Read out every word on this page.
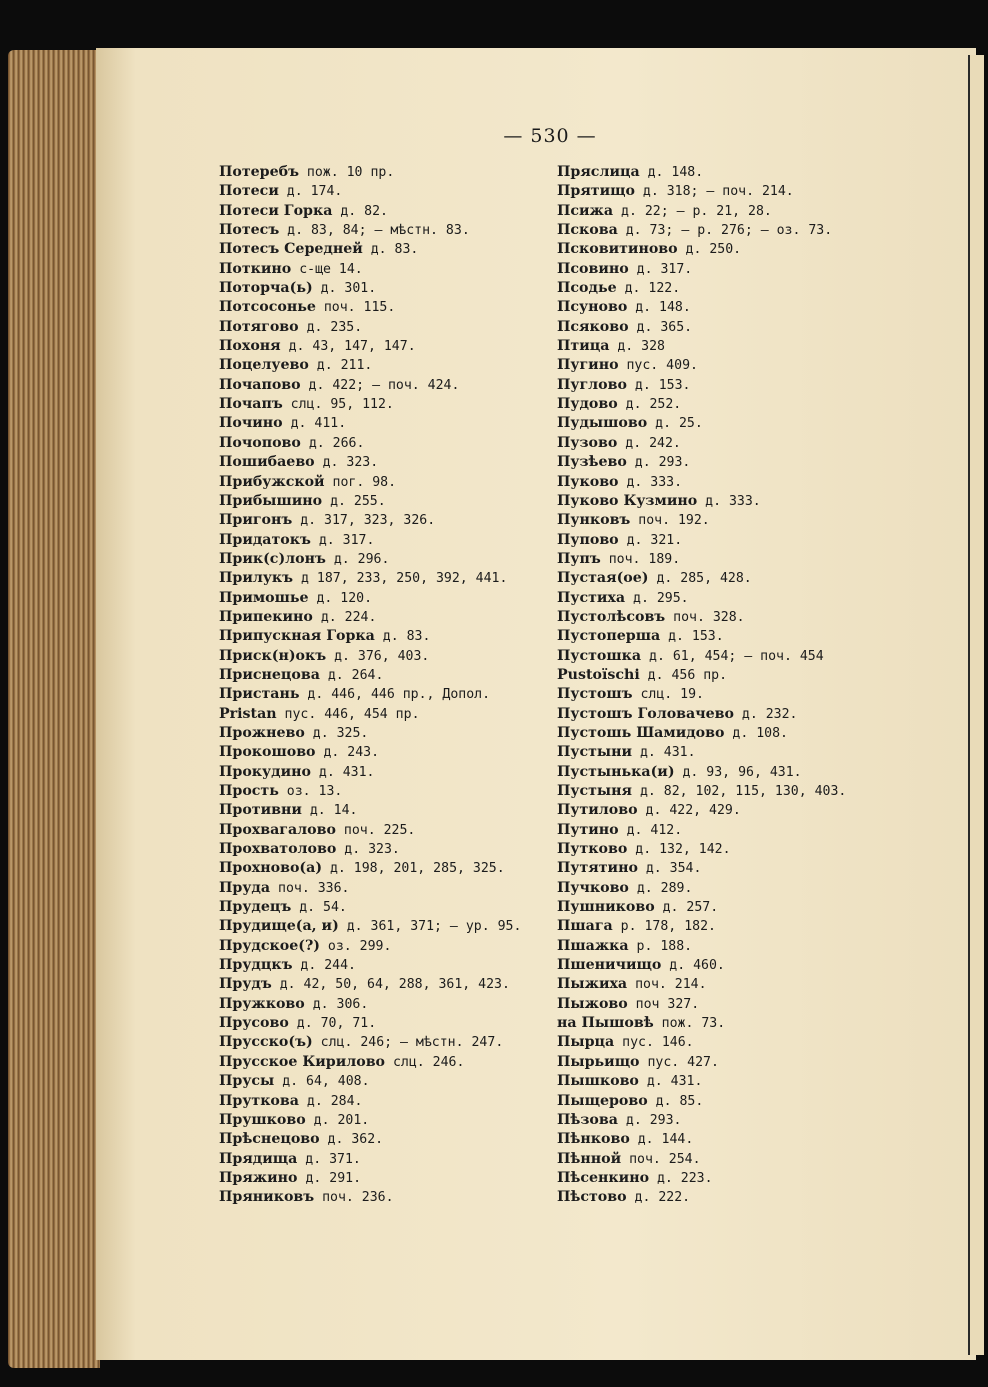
— 530 —
Потеребъ пож. 10 пр.
Потеси д. 174.
Потеси Горка д. 82.
Потесъ д. 83, 84; — мѣстн. 83.
Потесъ Середней д. 83.
Поткино с-ще 14.
Поторча(ь) д. 301.
Потсосонье поч. 115.
Потягово д. 235.
Похоня д. 43, 147, 147.
Поцелуево д. 211.
Почапово д. 422; — поч. 424.
Почапъ слц. 95, 112.
Почино д. 411.
Почопово д. 266.
Пошибаево д. 323.
Прибужской пог. 98.
Прибышино д. 255.
Пригонъ д. 317, 323, 326.
Придатокъ д. 317.
Прик(с)лонъ д. 296.
Прилукъ д 187, 233, 250, 392, 441.
Примошье д. 120.
Припекино д. 224.
Припускная Горка д. 83.
Приск(н)окъ д. 376, 403.
Приснецова д. 264.
Пристань д. 446, 446 пр., Допол.
Pristan пус. 446, 454 пр.
Прожнево д. 325.
Прокошово д. 243.
Прокудино д. 431.
Прость оз. 13.
Противни д. 14.
Прохвагалово поч. 225.
Прохватолово д. 323.
Прохново(а) д. 198, 201, 285, 325.
Пруда поч. 336.
Прудецъ д. 54.
Прудище(а, и) д. 361, 371; — ур. 95.
Прудское(?) оз. 299.
Прудцкъ д. 244.
Прудъ д. 42, 50, 64, 288, 361, 423.
Пружково д. 306.
Прусово д. 70, 71.
Прусско(ъ) слц. 246; — мѣстн. 247.
Прусское Кирилово слц. 246.
Прусы д. 64, 408.
Пруткова д. 284.
Прушково д. 201.
Прѣснецово д. 362.
Прядища д. 371.
Пряжино д. 291.
Пряниковъ поч. 236.
Пряслица д. 148.
Прятищо д. 318; — поч. 214.
Псижа д. 22; — р. 21, 28.
Пскова д. 73; — р. 276; — оз. 73.
Псковитиново д. 250.
Псовино д. 317.
Псодье д. 122.
Псуново д. 148.
Псяково д. 365.
Птица д. 328
Пугино пус. 409.
Пуглово д. 153.
Пудово д. 252.
Пудышово д. 25.
Пузово д. 242.
Пузѣево д. 293.
Пуково д. 333.
Пуково Кузмино д. 333.
Пунковъ поч. 192.
Пупово д. 321.
Пупъ поч. 189.
Пустая(ое) д. 285, 428.
Пустиха д. 295.
Пустолѣсовъ поч. 328.
Пустоперша д. 153.
Пустошка д. 61, 454; — поч. 454
Pustoïschi д. 456 пр.
Пустошъ слц. 19.
Пустошъ Головачево д. 232.
Пустошь Шамидово д. 108.
Пустыни д. 431.
Пустынька(и) д. 93, 96, 431.
Пустыня д. 82, 102, 115, 130, 403.
Путилово д. 422, 429.
Путино д. 412.
Путково д. 132, 142.
Путятино д. 354.
Пучково д. 289.
Пушниково д. 257.
Пшага р. 178, 182.
Пшажка р. 188.
Пшеничищо д. 460.
Пыжиха поч. 214.
Пыжово поч 327.
на Пышовѣ пож. 73.
Пырца пус. 146.
Пырьищо пус. 427.
Пышково д. 431.
Пыщерово д. 85.
Пѣзова д. 293.
Пѣнково д. 144.
Пѣнной поч. 254.
Пѣсенкино д. 223.
Пѣстово д. 222.
